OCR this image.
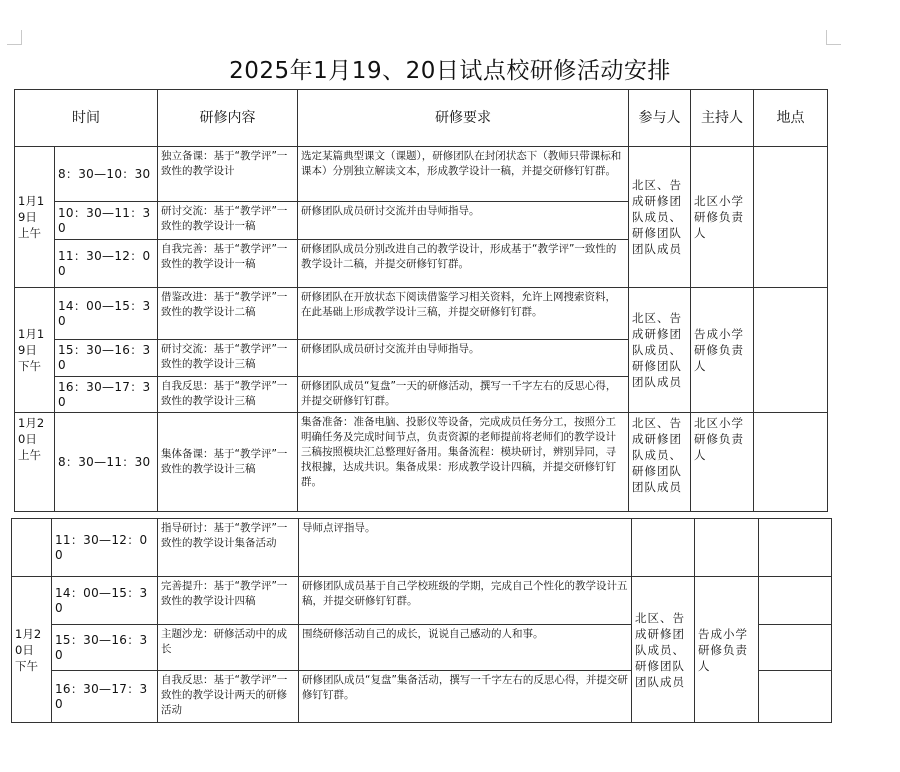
2025年1月19、20日试点校研修活动安排
时间		研修内容	研修要求	参与人	主持人	地点
1月19日 上午	8：30—10：30	独立备课：基于“教学评”一致性的教学设计	选定某篇典型课文（课题），研修团队在封闭状态下（教师只带课标和课本）分别独立解读文本，形成教学设计一稿，并提交研修钉钉群。	北区、告成研修团队成员、研修团队团队成员	北区小学研修负责人	
	10：30—11：30	研讨交流：基于“教学评”一致性的教学设计一稿	研修团队成员研讨交流并由导师指导。			
	11：30—12：00	自我完善：基于“教学评”一致性的教学设计一稿	研修团队成员分别改进自己的教学设计，形成基于“教学评”一致性的教学设计二稿，并提交研修钉钉群。			
1月19日 下午	14：00—15：30	借鉴改进：基于“教学评”一致性的教学设计二稿	研修团队在开放状态下阅读借鉴学习相关资料，允许上网搜索资料，在此基础上形成教学设计三稿，并提交研修钉钉群。	北区、告成研修团队成员、研修团队团队成员	告成小学研修负责人	
	15：30—16：30	研讨交流：基于“教学评”一致性的教学设计三稿	研修团队成员研讨交流并由导师指导。			
	16：30—17：30	自我反思：基于“教学评”一致性的教学设计三稿	研修团队成员“复盘”一天的研修活动，撰写一千字左右的反思心得，并提交研修钉钉群。			
1月20日 上午	8：30—11：30	集体备课：基于“教学评”一致性的教学设计三稿	集备准备：准备电脑、投影仪等设备，完成成员任务分工，按照分工明确任务及完成时间节点，负责资源的老师提前将老师们的教学设计三稿按照模块汇总整理好备用。集备流程：模块研讨，辨别异同，寻找根據，达成共识。集备成果：形成教学设计四稿，并提交研修钉钉群。	北区、告成研修团队成员、研修团队团队成员	北区小学研修负责人	
	11：30—12：00	指导研讨：基于“教学评”一致性的教学设计集备活动	导师点评指导。			
1月20日 下午	14：00—15：30	完善提升：基于“教学评”一致性的教学设计四稿	研修团队成员基于自己学校班级的学期，完成自己个性化的教学设计五稿，并提交研修钉钉群。	北区、告成研修团队成员、研修团队团队成员	告成小学研修负责人	
	15：30—16：30	主题沙龙：研修活动中的成长	围绕研修活动自己的成长，说说自己感动的人和事。			
	16：30—17：30	自我反思：基于“教学评”一致性的教学设计两天的研修活动	研修团队成员“复盘”集备活动，撰写一千字左右的反思心得，并提交研修钉钉群。			
